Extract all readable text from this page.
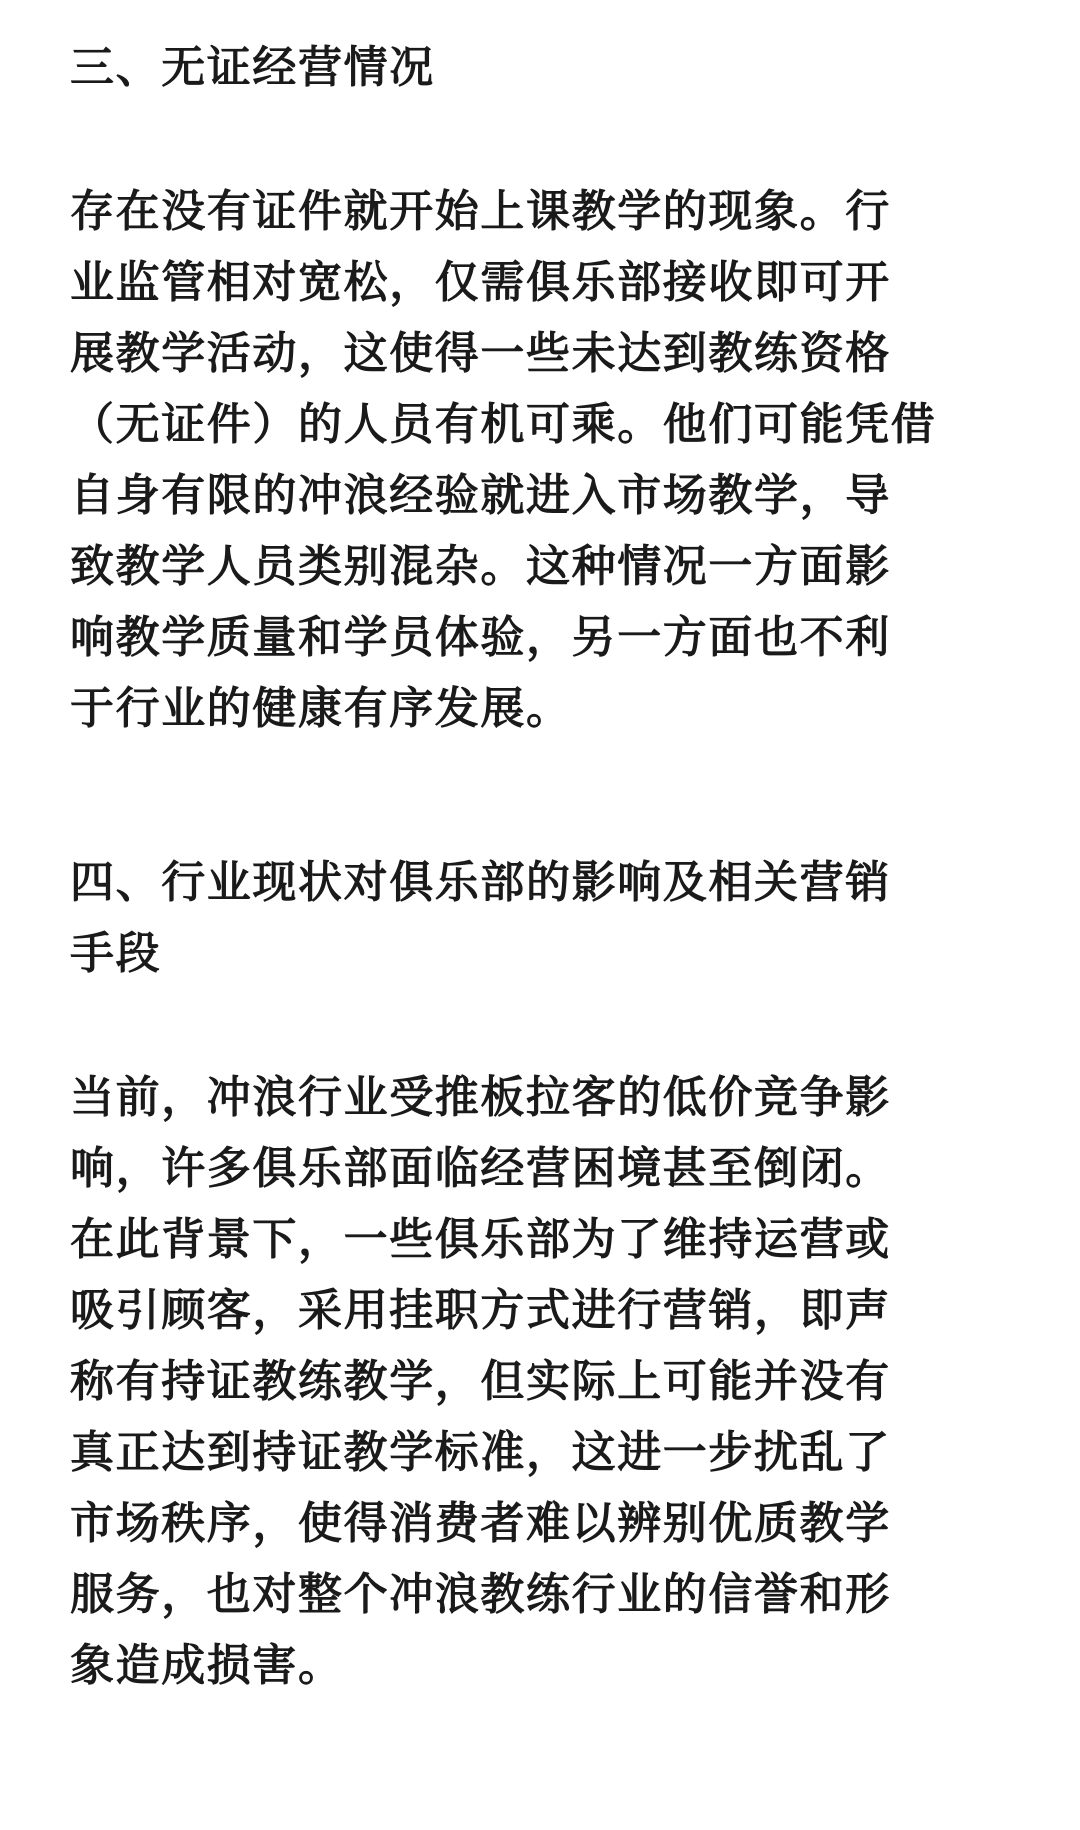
三、无证经营情况
存在没有证件就开始上课教学的现象。行
业监管相对宽松，仅需俱乐部接收即可开
展教学活动，这使得一些未达到教练资格
（无证件）的人员有机可乘。他们可能凭借
自身有限的冲浪经验就进入市场教学，导
致教学人员类别混杂。这种情况一方面影
响教学质量和学员体验，另一方面也不利
于行业的健康有序发展。
四、行业现状对俱乐部的影响及相关营销
手段
当前，冲浪行业受推板拉客的低价竞争影
响，许多俱乐部面临经营困境甚至倒闭。
在此背景下，一些俱乐部为了维持运营或
吸引顾客，采用挂职方式进行营销，即声
称有持证教练教学，但实际上可能并没有
真正达到持证教学标准，这进一步扰乱了
市场秩序，使得消费者难以辨别优质教学
服务，也对整个冲浪教练行业的信誉和形
象造成损害。
